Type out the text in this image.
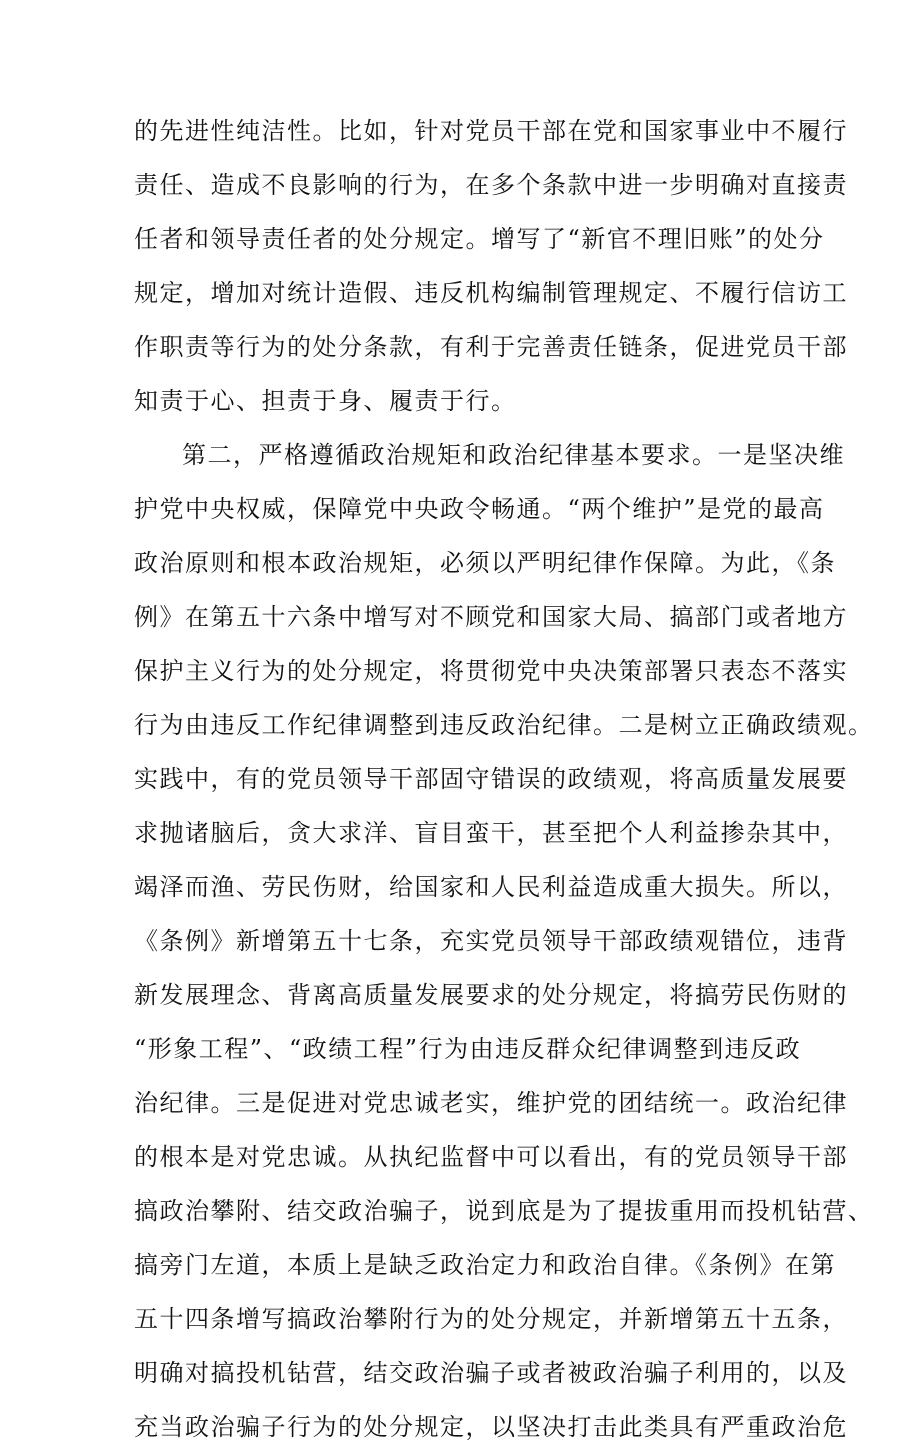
的先进性纯洁性。比如，针对党员干部在党和国家事业中不履行
责任、造成不良影响的行为，在多个条款中进一步明确对直接责
任者和领导责任者的处分规定。增写了“新官不理旧账”的处分
规定，增加对统计造假、违反机构编制管理规定、不履行信访工
作职责等行为的处分条款，有利于完善责任链条，促进党员干部
知责于心、担责于身、履责于行。
第二，严格遵循政治规矩和政治纪律基本要求。一是坚决维
护党中央权威，保障党中央政令畅通。“两个维护”是党的最高
政治原则和根本政治规矩，必须以严明纪律作保障。为此，《条
例》在第五十六条中增写对不顾党和国家大局、搞部门或者地方
保护主义行为的处分规定，将贯彻党中央决策部署只表态不落实
行为由违反工作纪律调整到违反政治纪律。二是树立正确政绩观。
实践中，有的党员领导干部固守错误的政绩观，将高质量发展要
求抛诸脑后，贪大求洋、盲目蛮干，甚至把个人利益掺杂其中，
竭泽而渔、劳民伤财，给国家和人民利益造成重大损失。所以，
《条例》新增第五十七条，充实党员领导干部政绩观错位，违背
新发展理念、背离高质量发展要求的处分规定，将搞劳民伤财的
“形象工程”、“政绩工程”行为由违反群众纪律调整到违反政
治纪律。三是促进对党忠诚老实，维护党的团结统一。政治纪律
的根本是对党忠诚。从执纪监督中可以看出，有的党员领导干部
搞政治攀附、结交政治骗子，说到底是为了提拔重用而投机钻营、
搞旁门左道，本质上是缺乏政治定力和政治自律。《条例》在第
五十四条增写搞政治攀附行为的处分规定，并新增第五十五条，
明确对搞投机钻营，结交政治骗子或者被政治骗子利用的，以及
充当政治骗子行为的处分规定，以坚决打击此类具有严重政治危
